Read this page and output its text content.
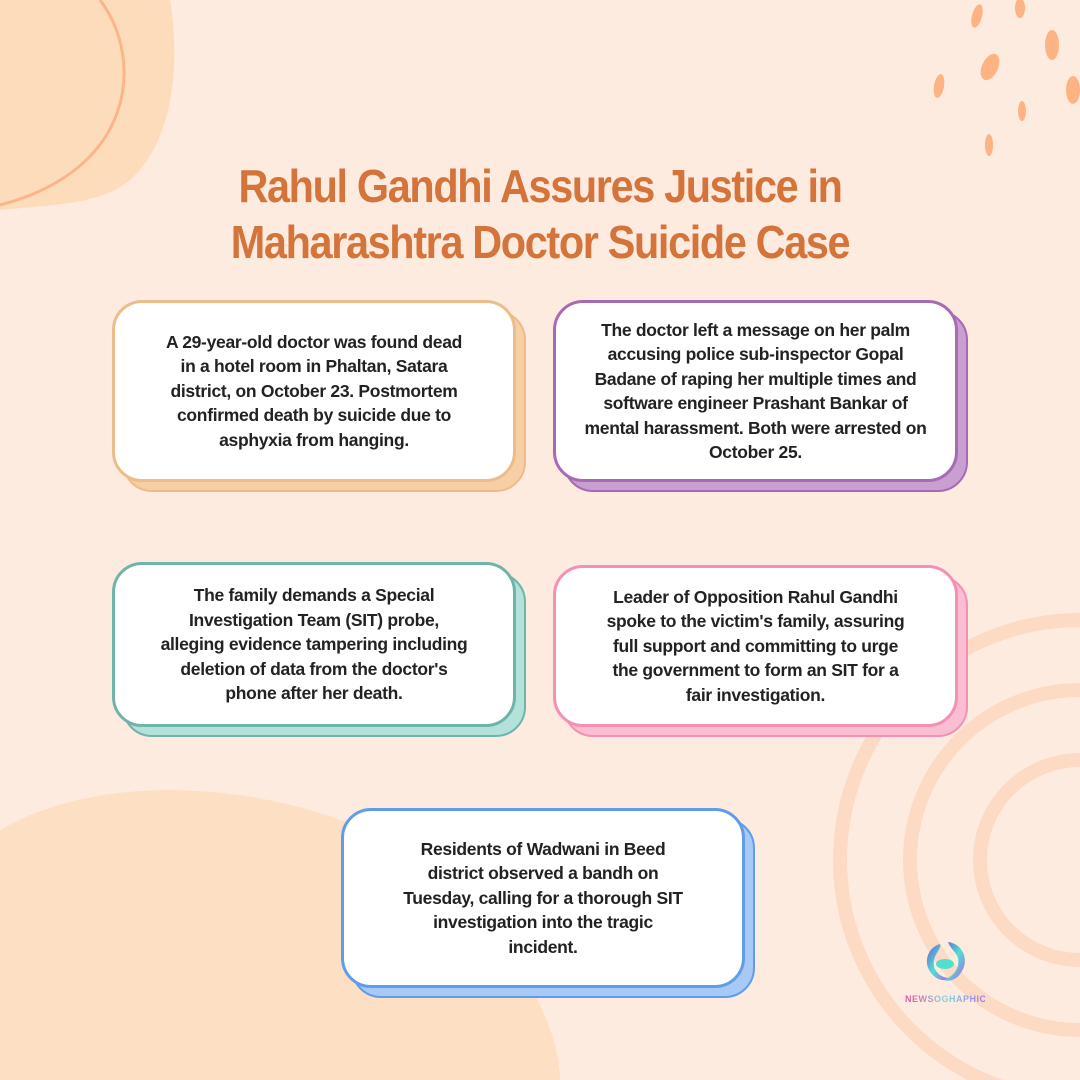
Rahul Gandhi Assures Justice in
Maharashtra Doctor Suicide Case
A 29-year-old doctor was found dead in a hotel room in Phaltan, Satara district, on October 23. Postmortem confirmed death by suicide due to asphyxia from hanging.
The doctor left a message on her palm accusing police sub-inspector Gopal Badane of raping her multiple times and software engineer Prashant Bankar of mental harassment. Both were arrested on October 25.
The family demands a Special Investigation Team (SIT) probe, alleging evidence tampering including deletion of data from the doctor's phone after her death.
Leader of Opposition Rahul Gandhi spoke to the victim's family, assuring full support and committing to urge the government to form an SIT for a fair investigation.
Residents of Wadwani in Beed district observed a bandh on Tuesday, calling for a thorough SIT investigation into the tragic incident.
NEWSOGHAPHICS
